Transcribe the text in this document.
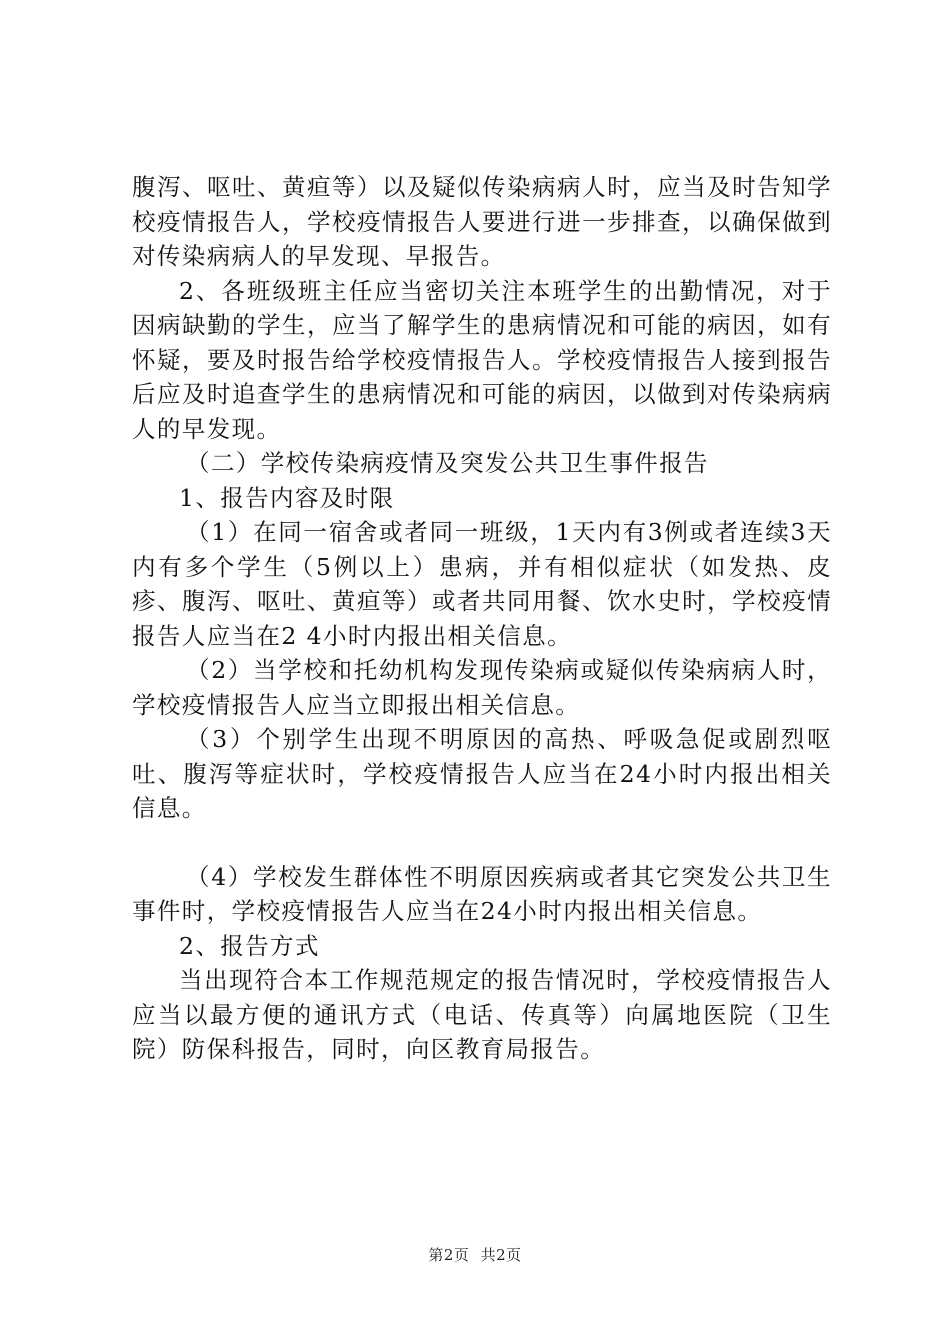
腹泻、呕吐、黄疸等）以及疑似传染病病人时，应当及时告知学校疫情报告人，学校疫情报告人要进行进一步排查，以确保做到对传染病病人的早发现、早报告。

2、各班级班主任应当密切关注本班学生的出勤情况，对于因病缺勤的学生，应当了解学生的患病情况和可能的病因，如有怀疑，要及时报告给学校疫情报告人。学校疫情报告人接到报告后应及时追查学生的患病情况和可能的病因，以做到对传染病病人的早发现。

（二）学校传染病疫情及突发公共卫生事件报告

1、报告内容及时限

（1）在同一宿舍或者同一班级，1天内有3例或者连续3天内有多个学生（5例以上）患病，并有相似症状（如发热、皮疹、腹泻、呕吐、黄疸等）或者共同用餐、饮水史时，学校疫情报告人应当在2 4小时内报出相关信息。

（2）当学校和托幼机构发现传染病或疑似传染病病人时，学校疫情报告人应当立即报出相关信息。

（3）个别学生出现不明原因的高热、呼吸急促或剧烈呕吐、腹泻等症状时，学校疫情报告人应当在24小时内报出相关信息。

（4）学校发生群体性不明原因疾病或者其它突发公共卫生事件时，学校疫情报告人应当在24小时内报出相关信息。

2、报告方式

当出现符合本工作规范规定的报告情况时，学校疫情报告人应当以最方便的通讯方式（电话、传真等）向属地医院（卫生院）防保科报告，同时，向区教育局报告。

第2页 共2页
